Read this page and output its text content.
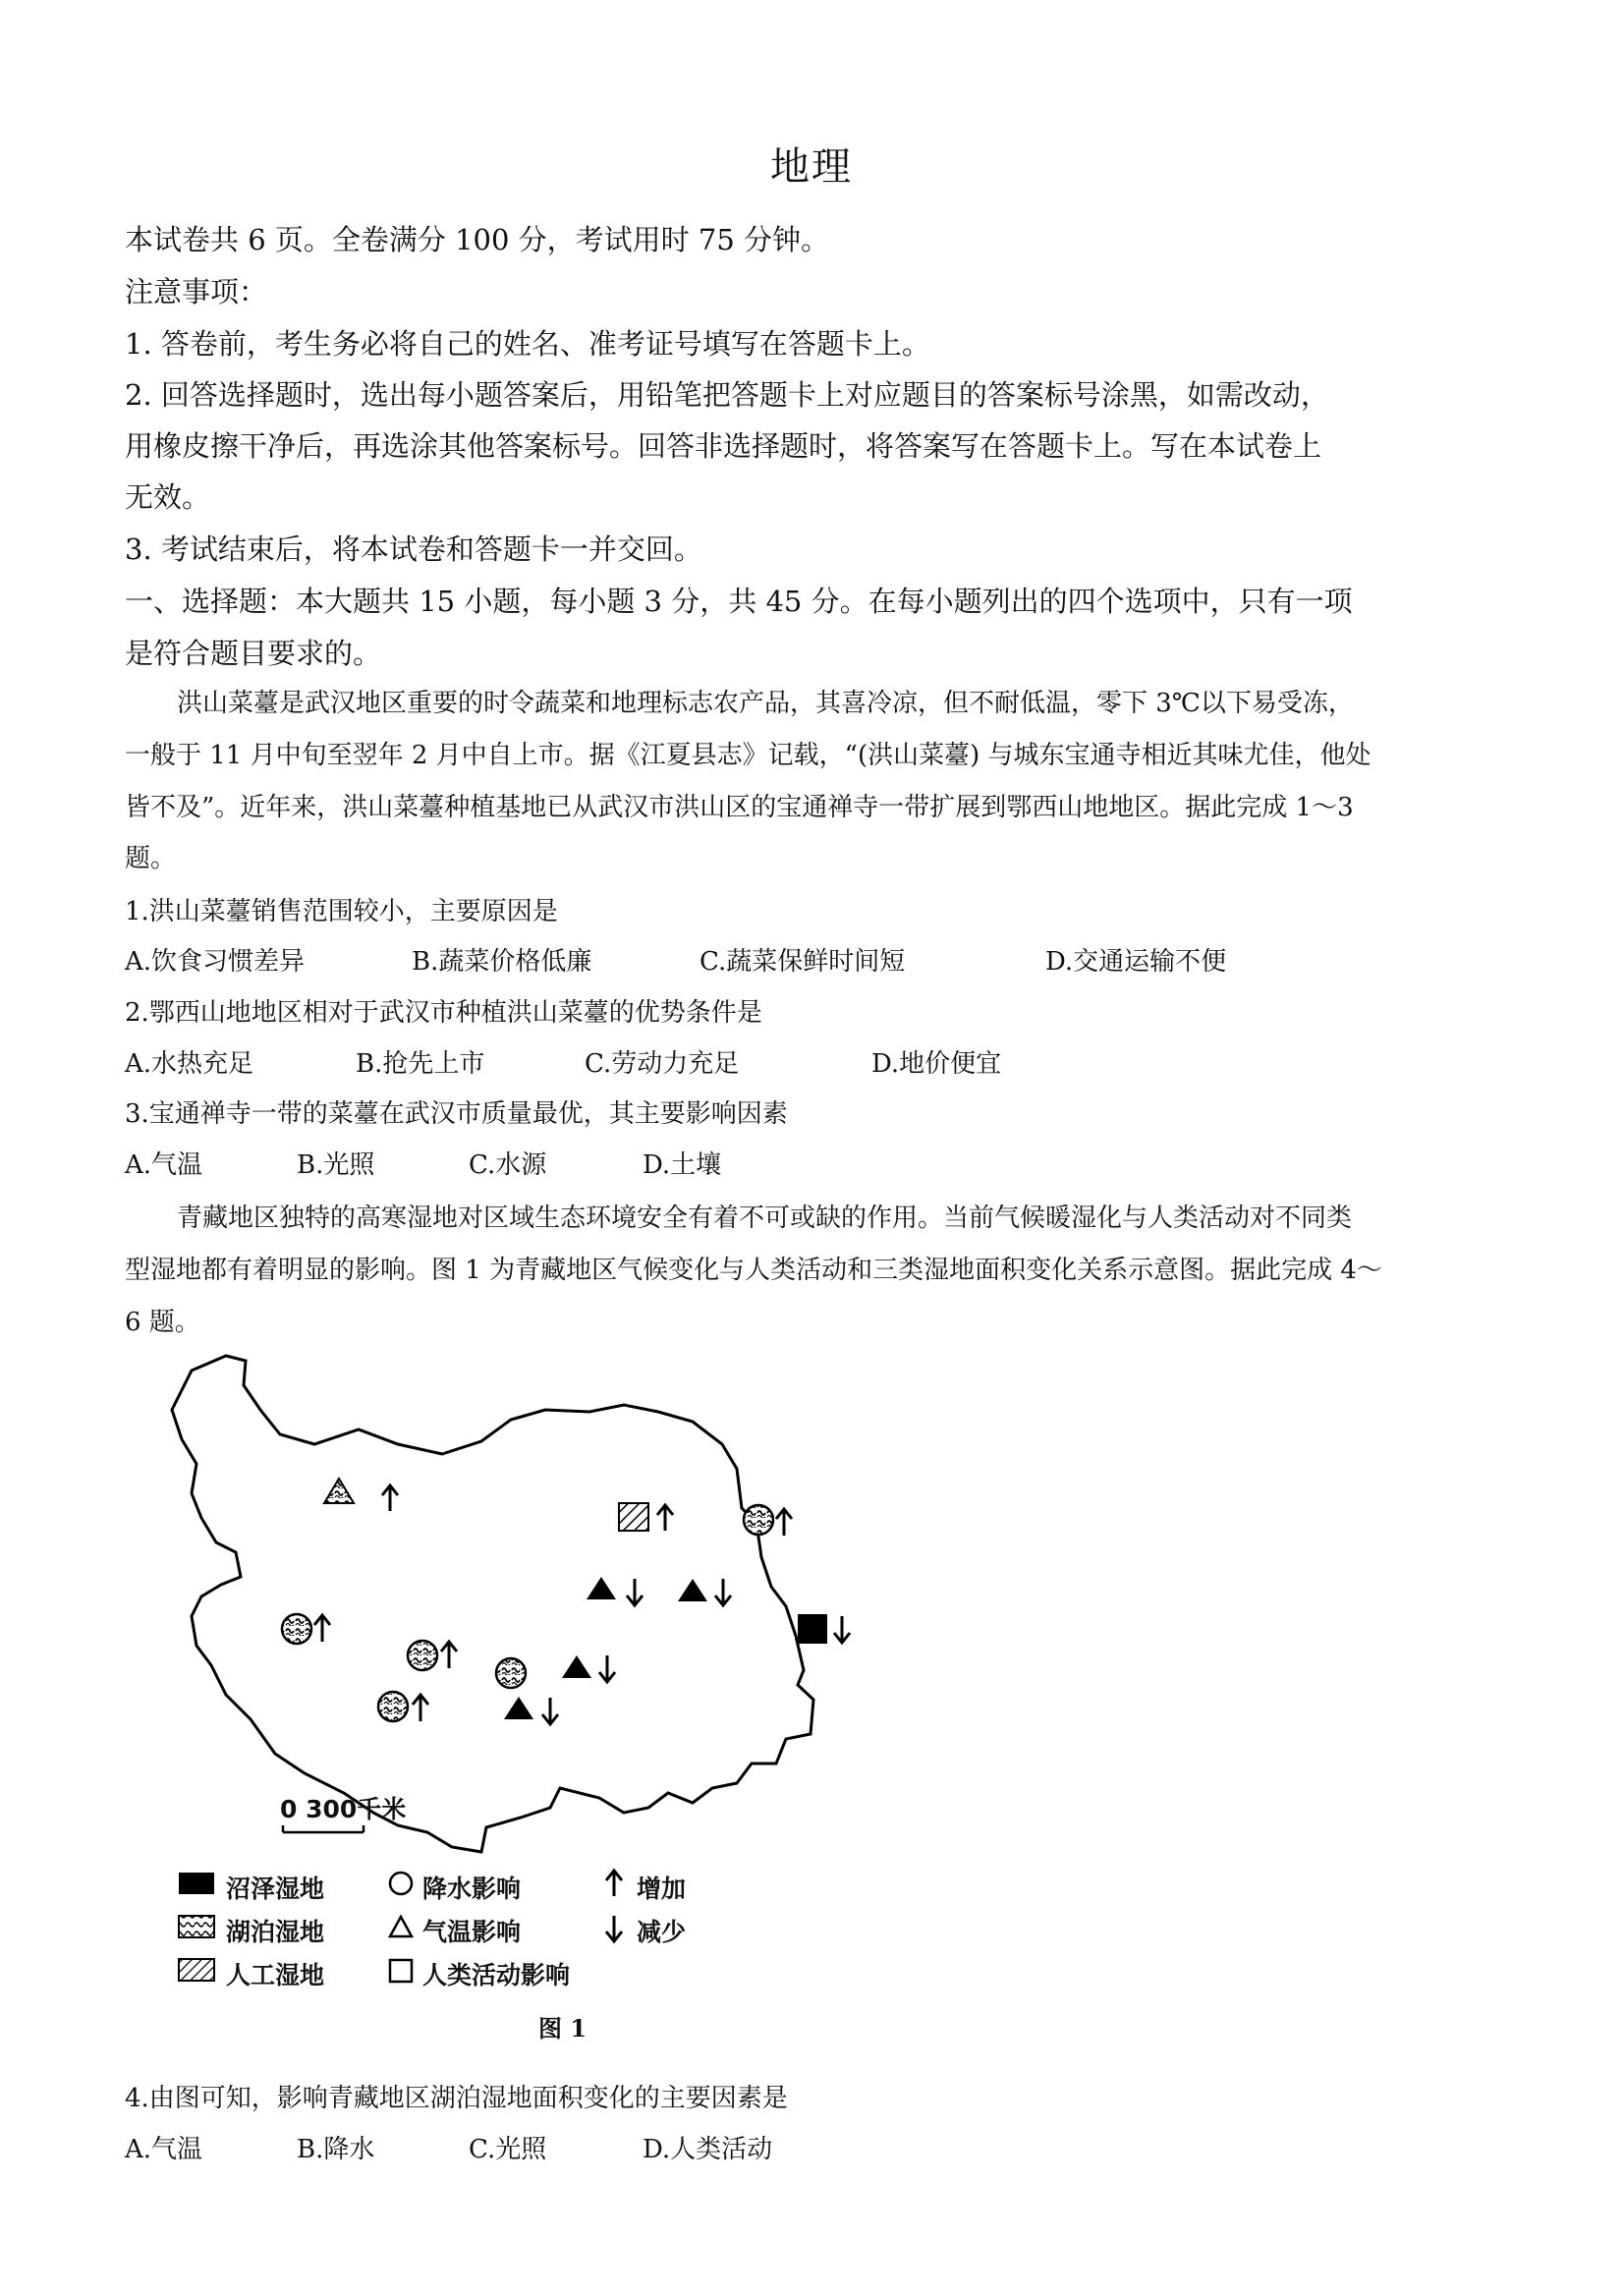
地理
本试卷共 6 页。全卷满分 100 分，考试用时 75 分钟。
注意事项：
1. 答卷前，考生务必将自己的姓名、准考证号填写在答题卡上。
2. 回答选择题时，选出每小题答案后，用铅笔把答题卡上对应题目的答案标号涂黑，如需改动，
用橡皮擦干净后，再选涂其他答案标号。回答非选择题时，将答案写在答题卡上。写在本试卷上
无效。
3. 考试结束后，将本试卷和答题卡一并交回。
一、选择题：本大题共 15 小题，每小题 3 分，共 45 分。在每小题列出的四个选项中，只有一项
是符合题目要求的。
洪山菜薹是武汉地区重要的时令蔬菜和地理标志农产品，其喜冷凉，但不耐低温，零下 3℃以下易受冻，
一般于 11 月中旬至翌年 2 月中自上市。据《江夏县志》记载，“(洪山菜薹) 与城东宝通寺相近其味尤佳，他处
皆不及”。近年来，洪山菜薹种植基地已从武汉市洪山区的宝通禅寺一带扩展到鄂西山地地区。据此完成 1～3
题。
1.洪山菜薹销售范围较小，主要原因是
A.饮食习惯差异	B.蔬菜价格低廉	C.蔬菜保鲜时间短	D.交通运输不便
2.鄂西山地地区相对于武汉市种植洪山菜薹的优势条件是
A.水热充足	B.抢先上市	C.劳动力充足	D.地价便宜
3.宝通禅寺一带的菜薹在武汉市质量最优，其主要影响因素
A.气温	B.光照	C.水源	D.土壤
青藏地区独特的高寒湿地对区域生态环境安全有着不可或缺的作用。当前气候暖湿化与人类活动对不同类
型湿地都有着明显的影响。图 1 为青藏地区气候变化与人类活动和三类湿地面积变化关系示意图。据此完成 4～
6 题。
0 300千米
沼泽湿地
湖泊湿地
人工湿地
降水影响
气温影响
人类活动影响
增加
减少
图 1
4.由图可知，影响青藏地区湖泊湿地面积变化的主要因素是
A.气温	B.降水	C.光照	D.人类活动
